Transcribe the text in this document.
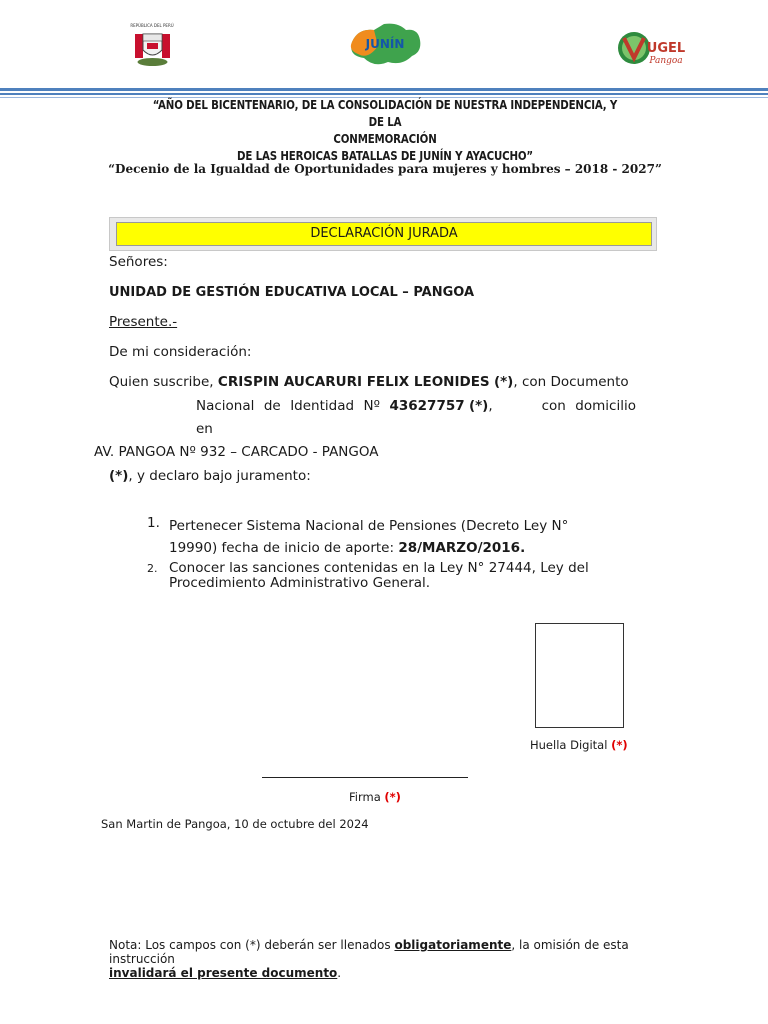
REPÚBLICA DEL PERÚ
JUNÍN	UGEL
Pangoa
“AÑO DEL BICENTENARIO, DE LA CONSOLIDACIÓN DE NUESTRA INDEPENDENCIA, Y DE LA
CONMEMORACIÓN
DE LAS HEROICAS BATALLAS DE JUNÍN Y AYACUCHO”
“Decenio de la Igualdad de Oportunidades para mujeres y hombres – 2018 - 2027”
DECLARACIÓN JURADA
Señores:
UNIDAD DE GESTIÓN EDUCATIVA LOCAL – PANGOA
Presente.-
De mi consideración:
Quien suscribe, CRISPIN AUCARURI FELIX LEONIDES (*), con Documento
Nacional de Identidad Nº 43627757 (*),	con domicilio
en
AV. PANGOA Nº 932 – CARCADO - PANGOA
(*), y declaro bajo juramento:
1. Pertenecer Sistema Nacional de Pensiones (Decreto Ley N°
19990) fecha de inicio de aporte: 28/MARZO/2016.
2. Conocer las sanciones contenidas en la Ley N° 27444, Ley del
Procedimiento Administrativo General.
Huella Digital (*)
Firma (*)
San Martin de Pangoa, 10 de octubre del 2024
Nota: Los campos con (*) deberán ser llenados obligatoriamente, la omisión de esta
instrucción
invalidará el presente documento.
